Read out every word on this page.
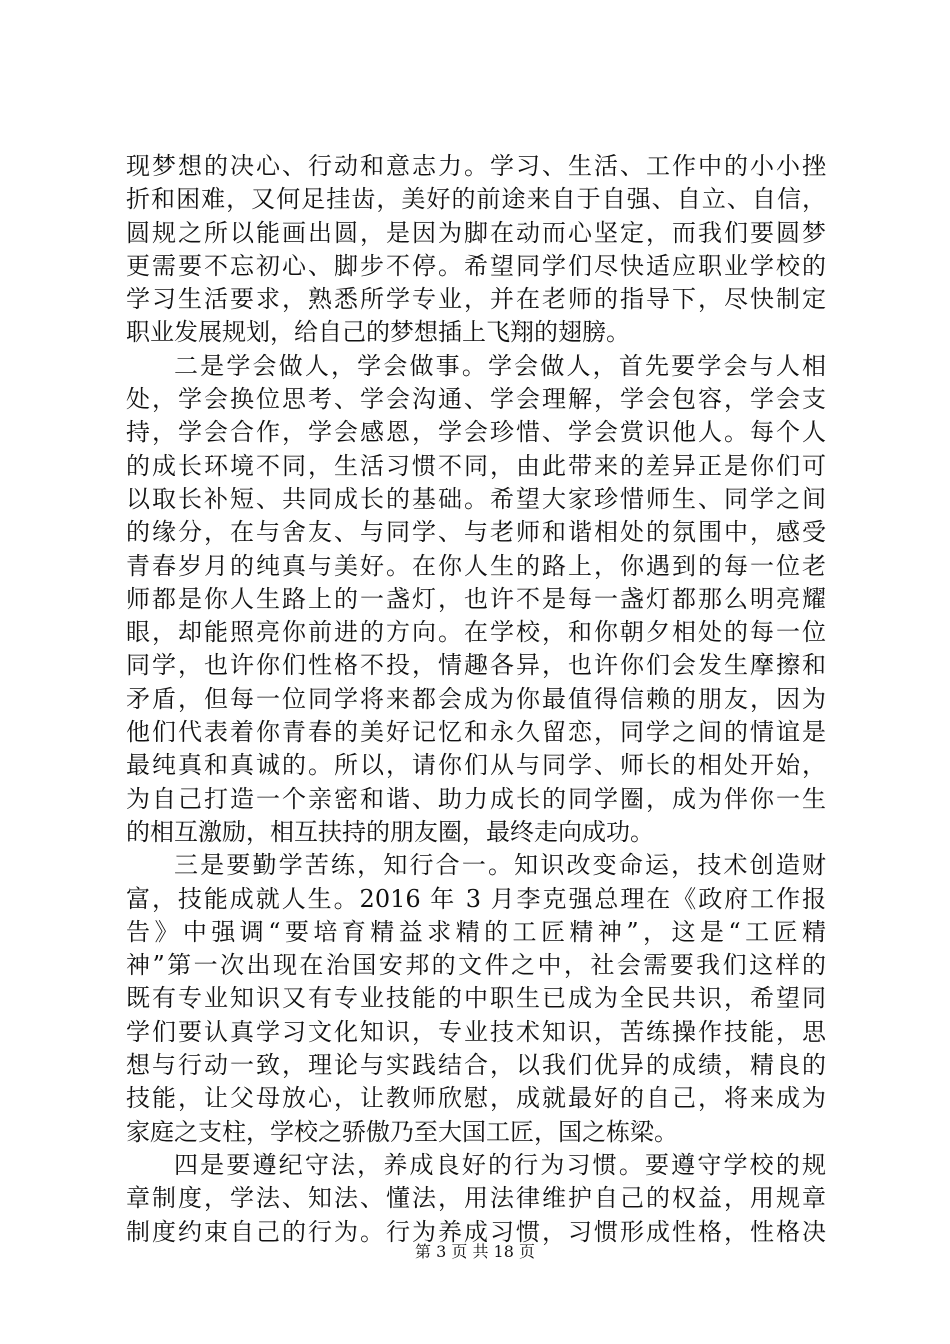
现梦想的决心、行动和意志力。学习、生活、工作中的小小挫
折和困难，又何足挂齿，美好的前途来自于自强、自立、自信，
圆规之所以能画出圆，是因为脚在动而心坚定，而我们要圆梦
更需要不忘初心、脚步不停。希望同学们尽快适应职业学校的
学习生活要求，熟悉所学专业，并在老师的指导下，尽快制定
职业发展规划，给自己的梦想插上飞翔的翅膀。
二是学会做人，学会做事。学会做人，首先要学会与人相
处，学会换位思考、学会沟通、学会理解，学会包容，学会支
持，学会合作，学会感恩，学会珍惜、学会赏识他人。每个人
的成长环境不同，生活习惯不同，由此带来的差异正是你们可
以取长补短、共同成长的基础。希望大家珍惜师生、同学之间
的缘分，在与舍友、与同学、与老师和谐相处的氛围中，感受
青春岁月的纯真与美好。在你人生的路上，你遇到的每一位老
师都是你人生路上的一盏灯，也许不是每一盏灯都那么明亮耀
眼，却能照亮你前进的方向。在学校，和你朝夕相处的每一位
同学，也许你们性格不投，情趣各异，也许你们会发生摩擦和
矛盾，但每一位同学将来都会成为你最值得信赖的朋友，因为
他们代表着你青春的美好记忆和永久留恋，同学之间的情谊是
最纯真和真诚的。所以，请你们从与同学、师长的相处开始，
为自己打造一个亲密和谐、助力成长的同学圈，成为伴你一生
的相互激励，相互扶持的朋友圈，最终走向成功。
三是要勤学苦练，知行合一。知识改变命运，技术创造财
富，技能成就人生。2016 年 3 月李克强总理在《政府工作报
告》中强调“要培育精益求精的工匠精神”，这是“工匠精
神”第一次出现在治国安邦的文件之中，社会需要我们这样的
既有专业知识又有专业技能的中职生已成为全民共识，希望同
学们要认真学习文化知识，专业技术知识，苦练操作技能，思
想与行动一致，理论与实践结合，以我们优异的成绩，精良的
技能，让父母放心，让教师欣慰，成就最好的自己，将来成为
家庭之支柱，学校之骄傲乃至大国工匠，国之栋梁。
四是要遵纪守法，养成良好的行为习惯。要遵守学校的规
章制度，学法、知法、懂法，用法律维护自己的权益，用规章
制度约束自己的行为。行为养成习惯，习惯形成性格，性格决
第 3 页 共 18 页
